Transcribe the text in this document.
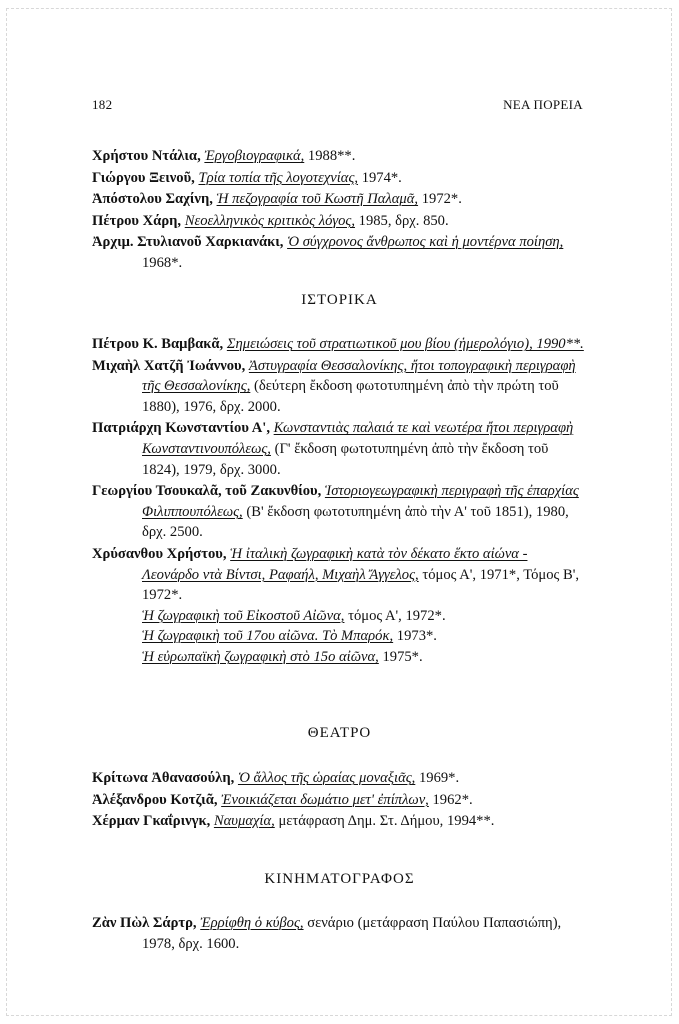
182	ΝΕΑ ΠΟΡΕΙΑ

Χρήστου Ντάλια, Ἐργοβιογραφικά, 1988**.

Γιώργου Ξεινοῦ, Τρία τοπία τῆς λογοτεχνίας, 1974*.

Ἀπόστολου Σαχίνη, Ἡ πεζογραφία τοῦ Κωστῆ Παλαμᾶ, 1972*.

Πέτρου Χάρη, Νεοελληνικὸς κριτικὸς λόγος, 1985, δρχ. 850.

Ἀρχιμ. Στυλιανοῦ Χαρκιανάκι, Ὁ σύγχρονος ἄνθρωπος καὶ ἡ μοντέρνα ποίηση, 1968*.

ΙΣΤΟΡΙΚΑ

Πέτρου Κ. Βαμβακᾶ, Σημειώσεις τοῦ στρατιωτικοῦ μου βίου (ἡμερολόγιο), 1990**.

Μιχαὴλ Χατζῆ Ἰωάννου, Ἀστυγραφία Θεσσαλονίκης, ἤτοι τοπογραφικὴ περιγραφὴ τῆς Θεσσαλονίκης, (δεύτερη ἔκδοση φωτοτυπημένη ἀπὸ τὴν πρώτη τοῦ 1880), 1976, δρχ. 2000.

Πατριάρχη Κωνσταντίου Α', Κωνσταντιὰς παλαιά τε καὶ νεωτέρα ἤτοι περιγραφὴ Κωνσταντινουπόλεως, (Γ' ἔκδοση φωτοτυπημένη ἀπὸ τὴν ἔκδοση τοῦ 1824), 1979, δρχ. 3000.

Γεωργίου Τσουκαλᾶ, τοῦ Ζακυνθίου, Ἱστοριογεωγραφικὴ περιγραφὴ τῆς ἐπαρχίας Φιλιππουπόλεως, (Β' ἔκδοση φωτοτυπημένη ἀπὸ τὴν Α' τοῦ 1851), 1980, δρχ. 2500.

Χρύσανθου Χρήστου, Ἡ ἰταλικὴ ζωγραφικὴ κατὰ τὸν δέκατο ἕκτο αἰώνα - Λεονάρδο ντὰ Βίντσι, Ραφαήλ, Μιχαὴλ Ἄγγελος, τόμος Α', 1971*, Τόμος Β', 1972*.

Ἡ ζωγραφικὴ τοῦ Εἰκοστοῦ Αἰῶνα, τόμος Α', 1972*.

Ἡ ζωγραφικὴ τοῦ 17ου αἰῶνα. Τὸ Μπαρόκ, 1973*.

Ἡ εὐρωπαϊκὴ ζωγραφικὴ στὸ 15ο αἰῶνα, 1975*.

ΘΕΑΤΡΟ

Κρίτωνα Ἀθανασούλη, Ὁ ἄλλος τῆς ὡραίας μοναξιᾶς, 1969*.

Ἀλέξανδρου Κοτζιᾶ, Ἐνοικιάζεται δωμάτιο μετ' ἐπίπλων, 1962*.

Χέρμαν Γκαΐρινγκ, Ναυμαχία, μετάφραση Δημ. Στ. Δήμου, 1994**.

ΚΙΝΗΜΑΤΟΓΡΑΦΟΣ

Ζὰν Πὼλ Σάρτρ, Ἐρρίφθη ὁ κύβος, σενάριο (μετάφραση Παύλου Παπασιώπη), 1978, δρχ. 1600.
